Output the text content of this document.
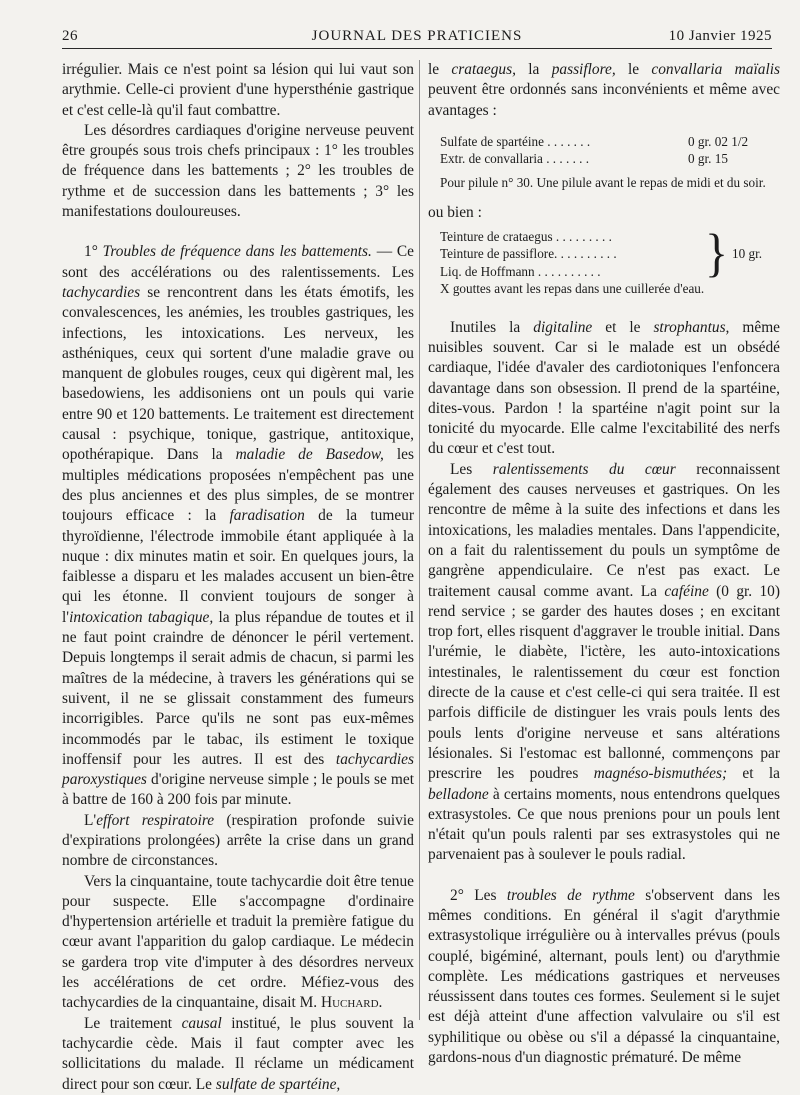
26	JOURNAL DES PRATICIENS	10 Janvier 1925

irrégulier. Mais ce n'est point sa lésion qui lui vaut son arythmie. Celle-ci provient d'une hypersthénie gastrique et c'est celle-là qu'il faut combattre.

Les désordres cardiaques d'origine nerveuse peuvent être groupés sous trois chefs principaux : 1° les troubles de fréquence dans les battements ; 2° les troubles de rythme et de succession dans les battements ; 3° les manifestations douloureuses.

1° Troubles de fréquence dans les battements. — Ce sont des accélérations ou des ralentissements. Les tachycardies se rencontrent dans les états émotifs, les convalescences, les anémies, les troubles gastriques, les infections, les intoxications. Les nerveux, les asthéniques, ceux qui sortent d'une maladie grave ou manquent de globules rouges, ceux qui digèrent mal, les basedowiens, les addisoniens ont un pouls qui varie entre 90 et 120 battements. Le traitement est directement causal : psychique, tonique, gastrique, antitoxique, opothérapique. Dans la maladie de Basedow, les multiples médications proposées n'empêchent pas une des plus anciennes et des plus simples, de se montrer toujours efficace : la faradisation de la tumeur thyroïdienne, l'électrode immobile étant appliquée à la nuque : dix minutes matin et soir. En quelques jours, la faiblesse a disparu et les malades accusent un bien-être qui les étonne. Il convient toujours de songer à l'intoxication tabagique, la plus répandue de toutes et il ne faut point craindre de dénoncer le péril vertement. Depuis longtemps il serait admis de chacun, si parmi les maîtres de la médecine, à travers les générations qui se suivent, il ne se glissait constamment des fumeurs incorrigibles. Parce qu'ils ne sont pas eux-mêmes incommodés par le tabac, ils estiment le toxique inoffensif pour les autres. Il est des tachycardies paroxystiques d'origine nerveuse simple ; le pouls se met à battre de 160 à 200 fois par minute.

L'effort respiratoire (respiration profonde suivie d'expirations prolongées) arrête la crise dans un grand nombre de circonstances.

Vers la cinquantaine, toute tachycardie doit être tenue pour suspecte. Elle s'accompagne d'ordinaire d'hypertension artérielle et traduit la première fatigue du cœur avant l'apparition du galop cardiaque. Le médecin se gardera trop vite d'imputer à des désordres nerveux les accélérations de cet ordre. Méfiez-vous des tachycardies de la cinquantaine, disait M. Huchard.

Le traitement causal institué, le plus souvent la tachycardie cède. Mais il faut compter avec les sollicitations du malade. Il réclame un médicament direct pour son cœur. Le sulfate de spartéine,

le crataegus, la passiflore, le convallaria maïalis peuvent être ordonnés sans inconvénients et même avec avantages :

Sulfate de spartéine . . . . . . .	0 gr. 02 1/2
Extr. de convallaria . . . . . . .	0 gr. 15

Pour pilule n° 30. Une pilule avant le repas de midi et du soir.

ou bien :

Teinture de crataegus . . . . . . . . .
Teinture de passiflore. . . . . . . . . .
Liq. de Hoffmann . . . . . . . . . .	} 10 gr.

X gouttes avant les repas dans une cuillerée d'eau.

Inutiles la digitaline et le strophantus, même nuisibles souvent. Car si le malade est un obsédé cardiaque, l'idée d'avaler des cardiotoniques l'enfoncera davantage dans son obsession. Il prend de la spartéine, dites-vous. Pardon ! la spartéine n'agit point sur la tonicité du myocarde. Elle calme l'excitabilité des nerfs du cœur et c'est tout.

Les ralentissements du cœur reconnaissent également des causes nerveuses et gastriques. On les rencontre de même à la suite des infections et dans les intoxications, les maladies mentales. Dans l'appendicite, on a fait du ralentissement du pouls un symptôme de gangrène appendiculaire. Ce n'est pas exact. Le traitement causal comme avant. La caféine (0 gr. 10) rend service ; se garder des hautes doses ; en excitant trop fort, elles risquent d'aggraver le trouble initial. Dans l'urémie, le diabète, l'ictère, les auto-intoxications intestinales, le ralentissement du cœur est fonction directe de la cause et c'est celle-ci qui sera traitée. Il est parfois difficile de distinguer les vrais pouls lents des pouls lents d'origine nerveuse et sans altérations lésionales. Si l'estomac est ballonné, commençons par prescrire les poudres magnéso-bismuthées; et la belladone à certains moments, nous entendrons quelques extrasystoles. Ce que nous prenions pour un pouls lent n'était qu'un pouls ralenti par ses extrasystoles qui ne parvenaient pas à soulever le pouls radial.

2° Les troubles de rythme s'observent dans les mêmes conditions. En général il s'agit d'arythmie extrasystolique irrégulière ou à intervalles prévus (pouls couplé, bigéminé, alternant, pouls lent) ou d'arythmie complète. Les médications gastriques et nerveuses réussissent dans toutes ces formes. Seulement si le sujet est déjà atteint d'une affection valvulaire ou s'il est syphilitique ou obèse ou s'il a dépassé la cinquantaine, gardons-nous d'un diagnostic prématuré. De même
